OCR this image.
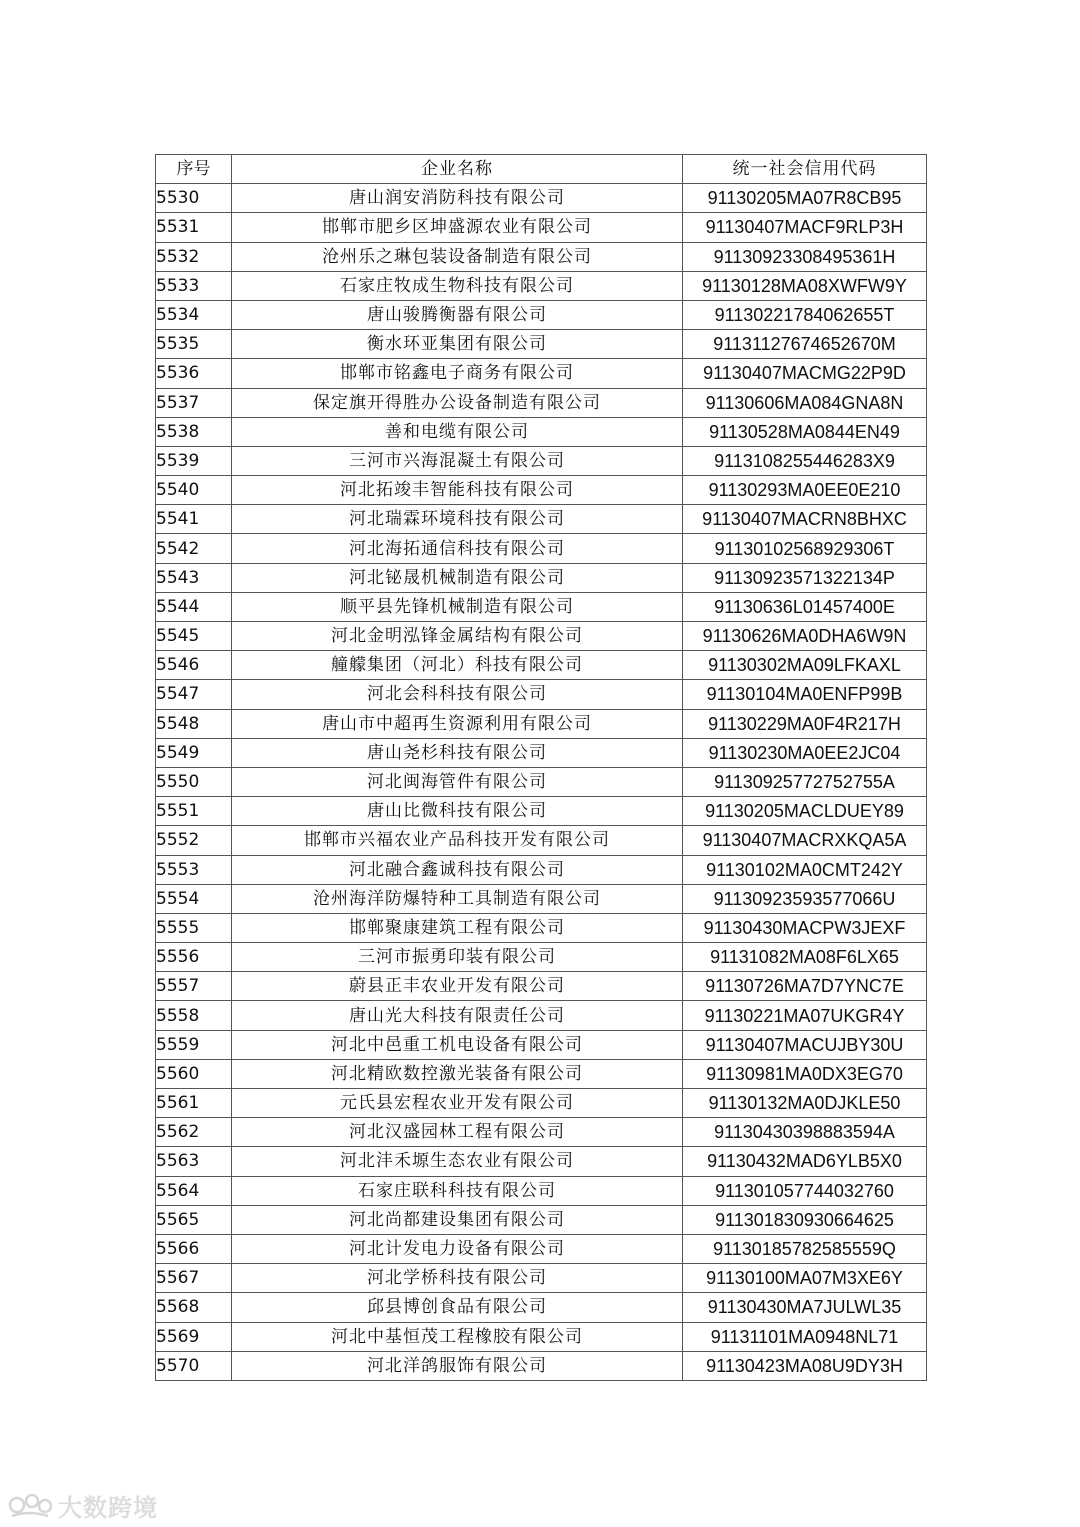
序号	企业名称	统一社会信用代码
5530	唐山润安消防科技有限公司	91130205MA07R8CB95
5531	邯郸市肥乡区坤盛源农业有限公司	91130407MACF9RLP3H
5532	沧州乐之琳包装设备制造有限公司	91130923308495361H
5533	石家庄牧成生物科技有限公司	91130128MA08XWFW9Y
5534	唐山骏腾衡器有限公司	91130221784062655T
5535	衡水环亚集团有限公司	91131127674652670M
5536	邯郸市铭鑫电子商务有限公司	91130407MACMG22P9D
5537	保定旗开得胜办公设备制造有限公司	91130606MA084GNA8N
5538	善和电缆有限公司	91130528MA0844EN49
5539	三河市兴海混凝土有限公司	911310825544628​3X9
5540	河北拓竣丰智能科技有限公司	91130293MA0EE0E210
5541	河北瑞霖环境科技有限公司	91130407MACRN8BHXC
5542	河北海拓通信科技有限公司	91130102568929306T
5543	河北铋晟机械制造有限公司	91130923571322134P
5544	顺平县先锋机械制造有限公司	91130636L01457400E
5545	河北金明泓锋金属结构有限公司	91130626MA0DHA6W9N
5546	艟艨集团（河北）科技有限公司	91130302MA09LFKAXL
5547	河北会科科技有限公司	91130104MA0ENFP99B
5548	唐山市中超再生资源利用有限公司	91130229MA0F4R217H
5549	唐山尧杉科技有限公司	91130230MA0EE2JC04
5550	河北闽海管件有限公司	91130925772752755A
5551	唐山比微科技有限公司	91130205MACLDUEY89
5552	邯郸市兴福农业产品科技开发有限公司	91130407MACRXKQA5A
5553	河北融合鑫诚科技有限公司	91130102MA0CMT242Y
5554	沧州海洋防爆特种工具制造有限公司	91130923593577066U
5555	邯郸聚康建筑工程有限公司	91130430MACPW3JEXF
5556	三河市振勇印装有限公司	91131082MA08F6LX65
5557	蔚县正丰农业开发有限公司	91130726MA7D7YNC7E
5558	唐山光大科技有限责任公司	91130221MA07UKGR4Y
5559	河北中邑重工机电设备有限公司	91130407MACUJBY30U
5560	河北精欧数控激光装备有限公司	91130981MA0DX3EG70
5561	元氏县宏程农业开发有限公司	91130132MA0DJKLE50
5562	河北汉盛园林工程有限公司	91130430398883594A
5563	河北沣禾塬生态农业有限公司	91130432MAD6YLB5X0
5564	石家庄联科科技有限公司	911301057744032760
5565	河北尚都建设集团有限公司	911301830930664625
5566	河北计发电力设备有限公司	91130185782585559Q
5567	河北学桥科技有限公司	91130100MA07M3XE6Y
5568	邱县博创食品有限公司	91130430MA7JULWL35
5569	河北中基恒茂工程橡胶有限公司	91131101MA0948NL71
5570	河北洋鸽服饰有限公司	91130423MA08U9DY3H
大数跨境
